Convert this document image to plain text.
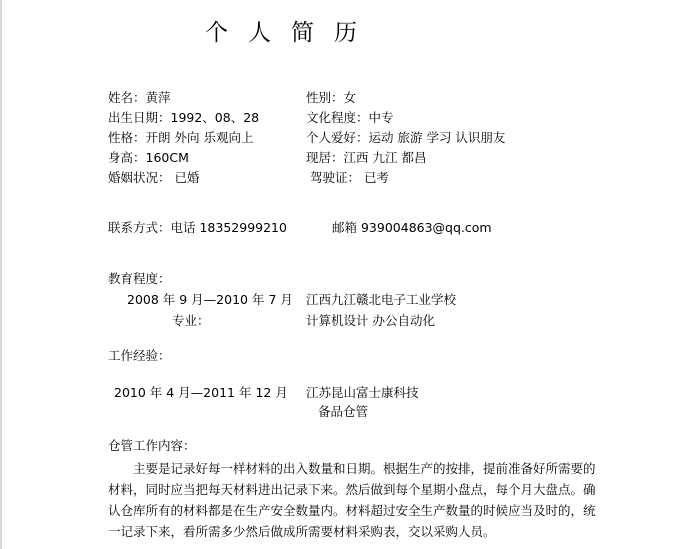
个人简历
姓名：黄萍
出生日期：1992、08、28
性格：开朗 外向 乐观向上
身高：160CM
婚姻状况： 已婚
性别：女
文化程度：中专
个人爱好：运动 旅游 学习 认识朋友
现居：江西 九江 都昌
驾驶证： 已考
联系方式：电话 18352999210	邮箱 939004863@qq.com
教育程度：
2008 年 9 月—2010 年 7 月 江西九江赣北电子工业学校
专业：	计算机设计 办公自动化
工作经验：
2010 年 4 月—2011 年 12 月 江苏昆山富士康科技
备品仓管
仓管工作内容：
主要是记录好每一样材料的出入数量和日期。根据生产的按排，提前准备好所需要的材料，同时应当把每天材料进出记录下来。然后做到每个星期小盘点，每个月大盘点。确认仓库所有的材料都是在生产安全数量内。材料超过安全生产数量的时候应当及时的，统一记录下来，看所需多少然后做成所需要材料采购表，交以采购人员。
